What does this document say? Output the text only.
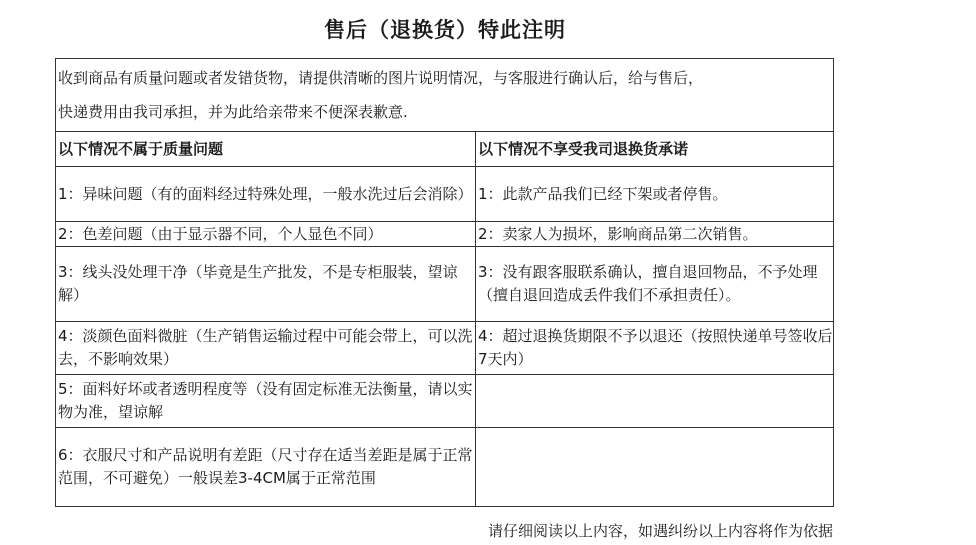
售后（退换货）特此注明
收到商品有质量问题或者发错货物，请提供清晰的图片说明情况，与客服进行确认后，给与售后，
快递费用由我司承担，并为此给亲带来不便深表歉意.	

以下情况不属于质量问题	以下情况不享受我司退换货承诺
1：异味问题（有的面料经过特殊处理，一般水洗过后会消除）	1：此款产品我们已经下架或者停售。
2：色差问题（由于显示器不同，个人显色不同）	2：卖家人为损坏，影响商品第二次销售。
3：线头没处理干净（毕竟是生产批发，不是专柜服装，望谅解）	3：没有跟客服联系确认，擅自退回物品，不予处理（擅自退回造成丢件我们不承担责任）。
4：淡颜色面料微脏（生产销售运输过程中可能会带上，可以洗去，不影响效果）	4：超过退换货期限不予以退还（按照快递单号签收后7天内）
5：面料好坏或者透明程度等（没有固定标准无法衡量，请以实物为准，望谅解	
6：衣服尺寸和产品说明有差距（尺寸存在适当差距是属于正常范围，不可避免）一般误差3-4CM属于正常范围	
请仔细阅读以上内容，如遇纠纷以上内容将作为依据
